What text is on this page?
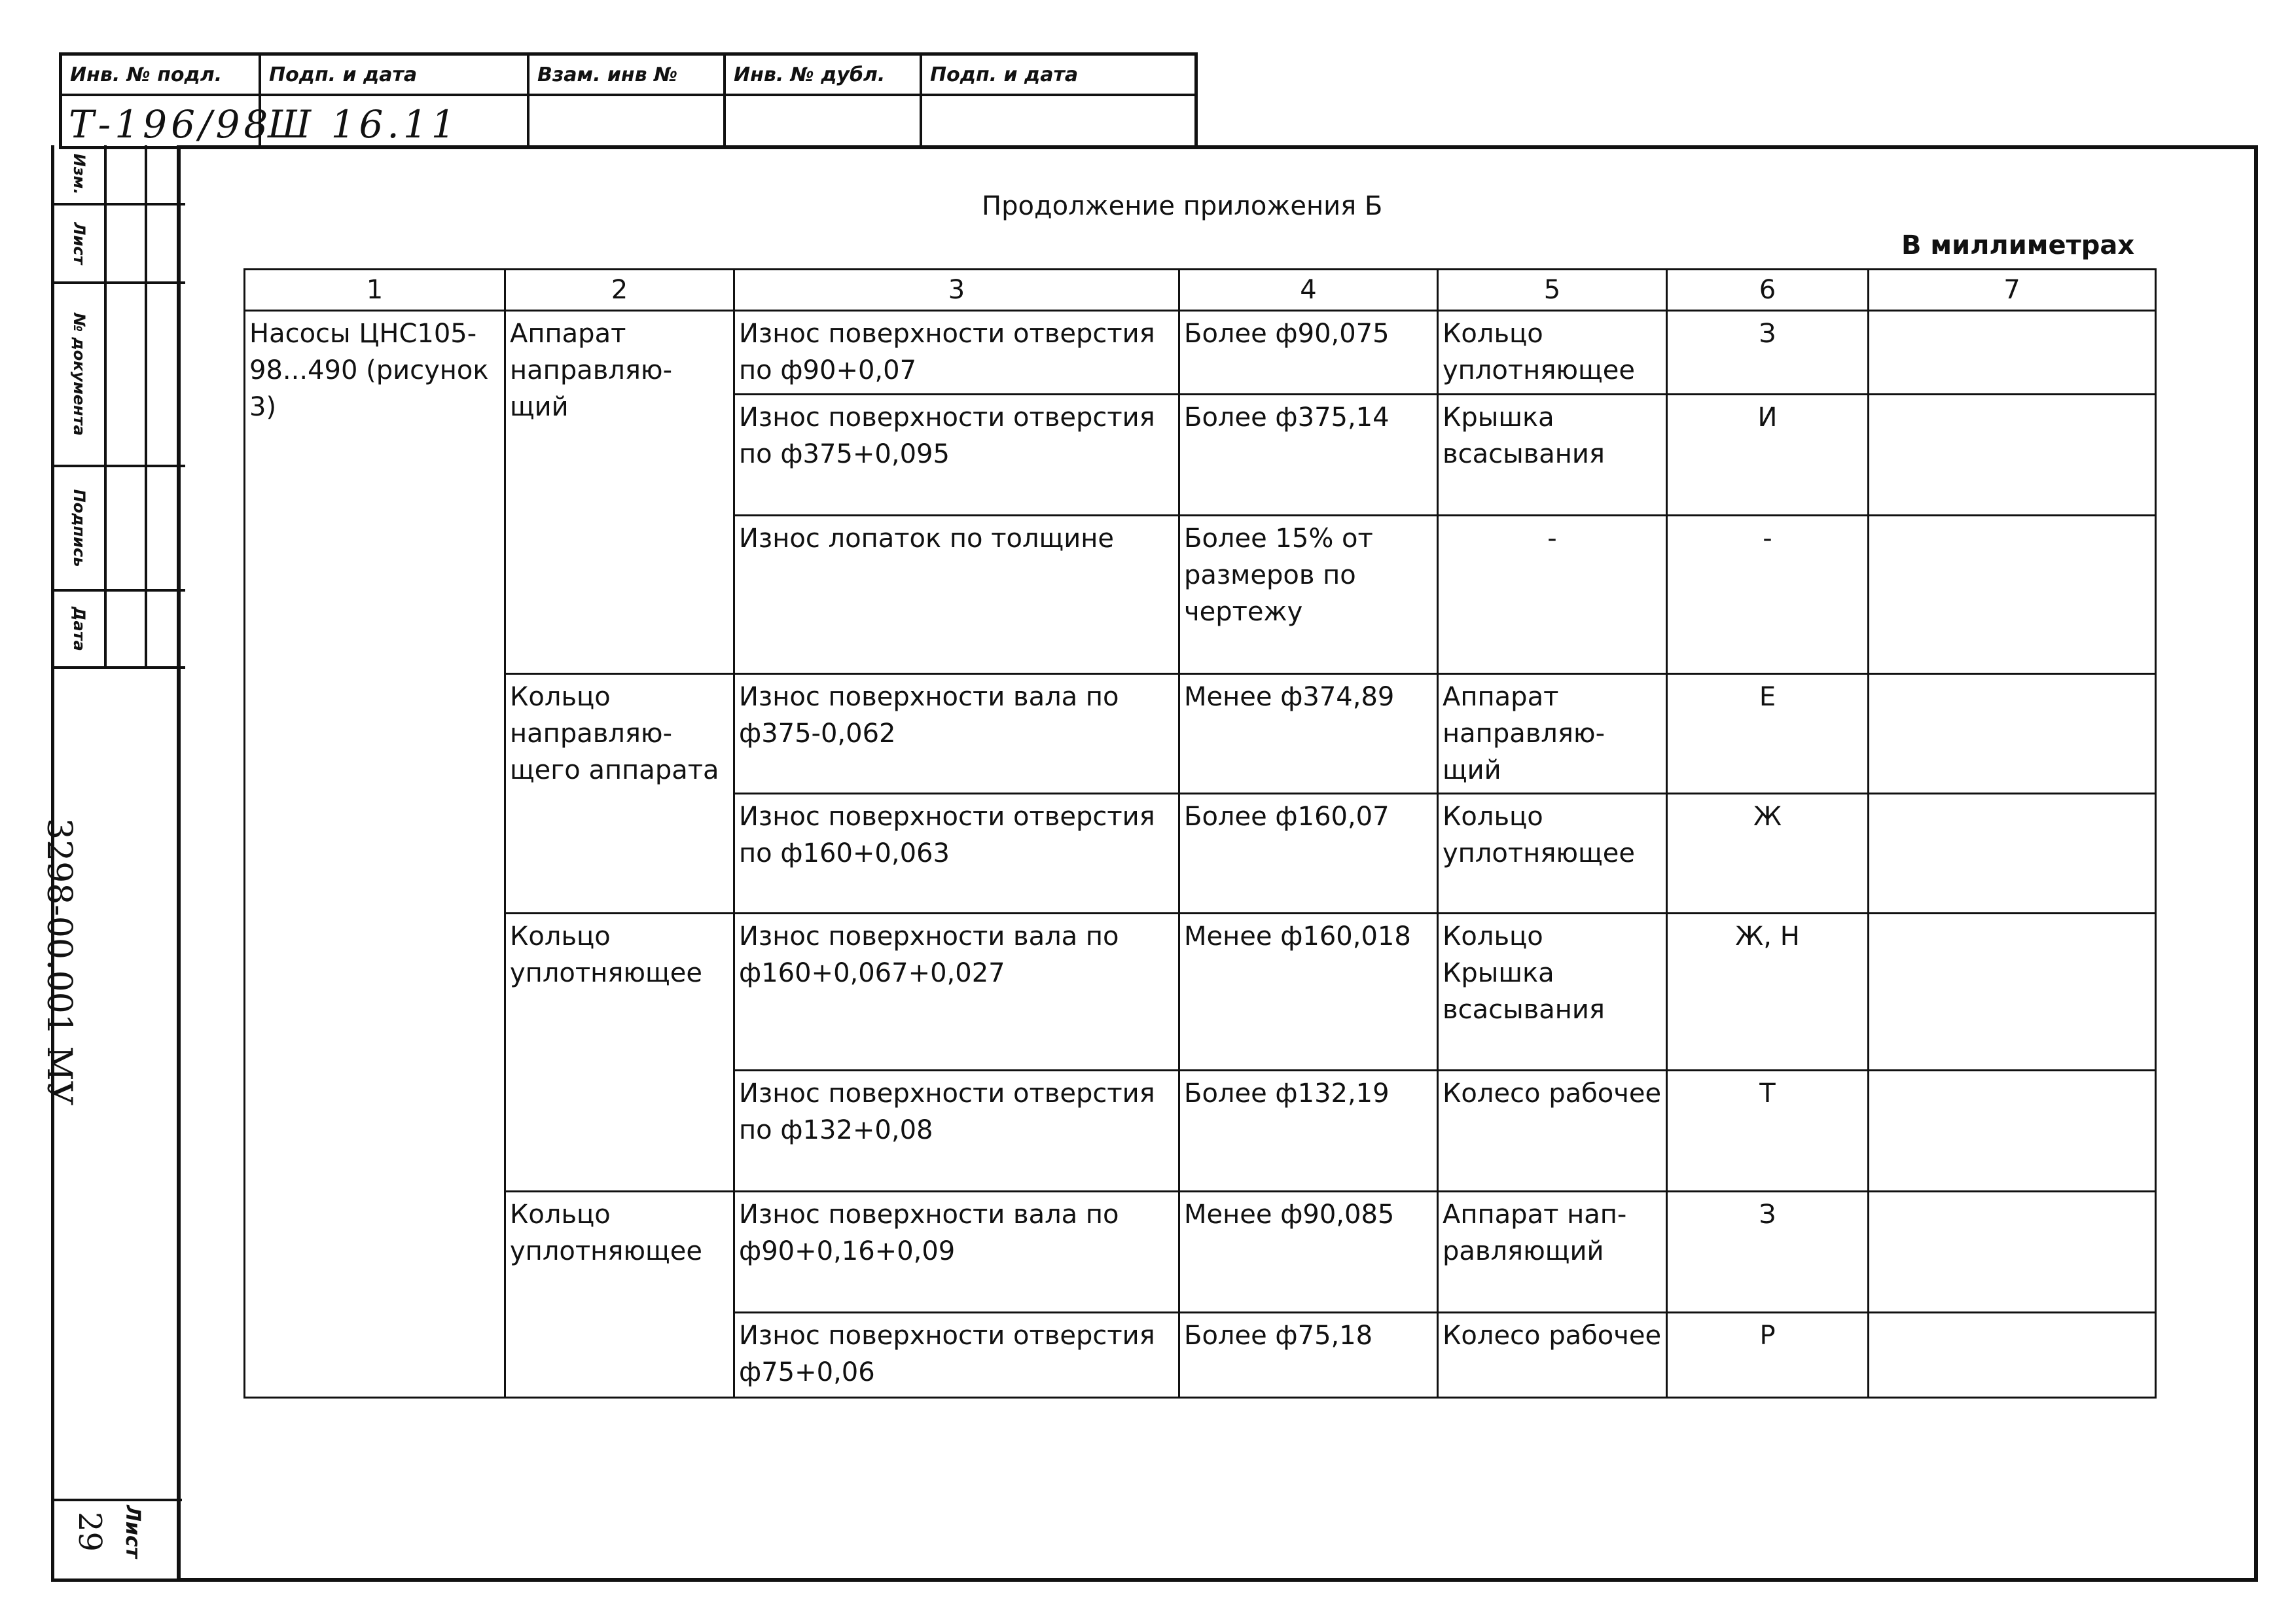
Инв. № подл.
Т-196/98
Подп. и дата
Ш 16.11
Взам. инв №	Инв. № дубл.	Подп. и дата
Изм.
Лист
№ документа
Подпись
Дата
3298-00.001 МУ
Лист
29
Продолжение приложения Б
В миллиметрах
1	2	3	4	5	6	7
Насосы ЦНС105-98...490 (рисунок 3)	Аппарат направляю-щий	Износ поверхности отверстия по ф90+0,07	Более ф90,075	Кольцо уплотняющее	З	
		Износ поверхности отверстия по ф375+0,095	Более ф375,14	Крышка всасывания	И	
		Износ лопаток по толщине	Более 15% от размеров по чертежу	-	-	
	Кольцо направляю-щего аппарата	Износ поверхности вала по ф375-0,062	Менее ф374,89	Аппарат направляю-щий	Е	
		Износ поверхности отверстия по ф160+0,063	Более ф160,07	Кольцо уплотняющее	Ж	
	Кольцо уплотняющее	Износ поверхности вала по ф160+0,067+0,027	Менее ф160,018	Кольцо Крышка всасывания	Ж, Н	
		Износ поверхности отверстия по ф132+0,08	Более ф132,19	Колесо рабочее	Т	
	Кольцо уплотняющее	Износ поверхности вала по ф90+0,16+0,09	Менее ф90,085	Аппарат нап-равляющий	З	
		Износ поверхности отверстия ф75+0,06	Более ф75,18	Колесо рабочее	Р	
